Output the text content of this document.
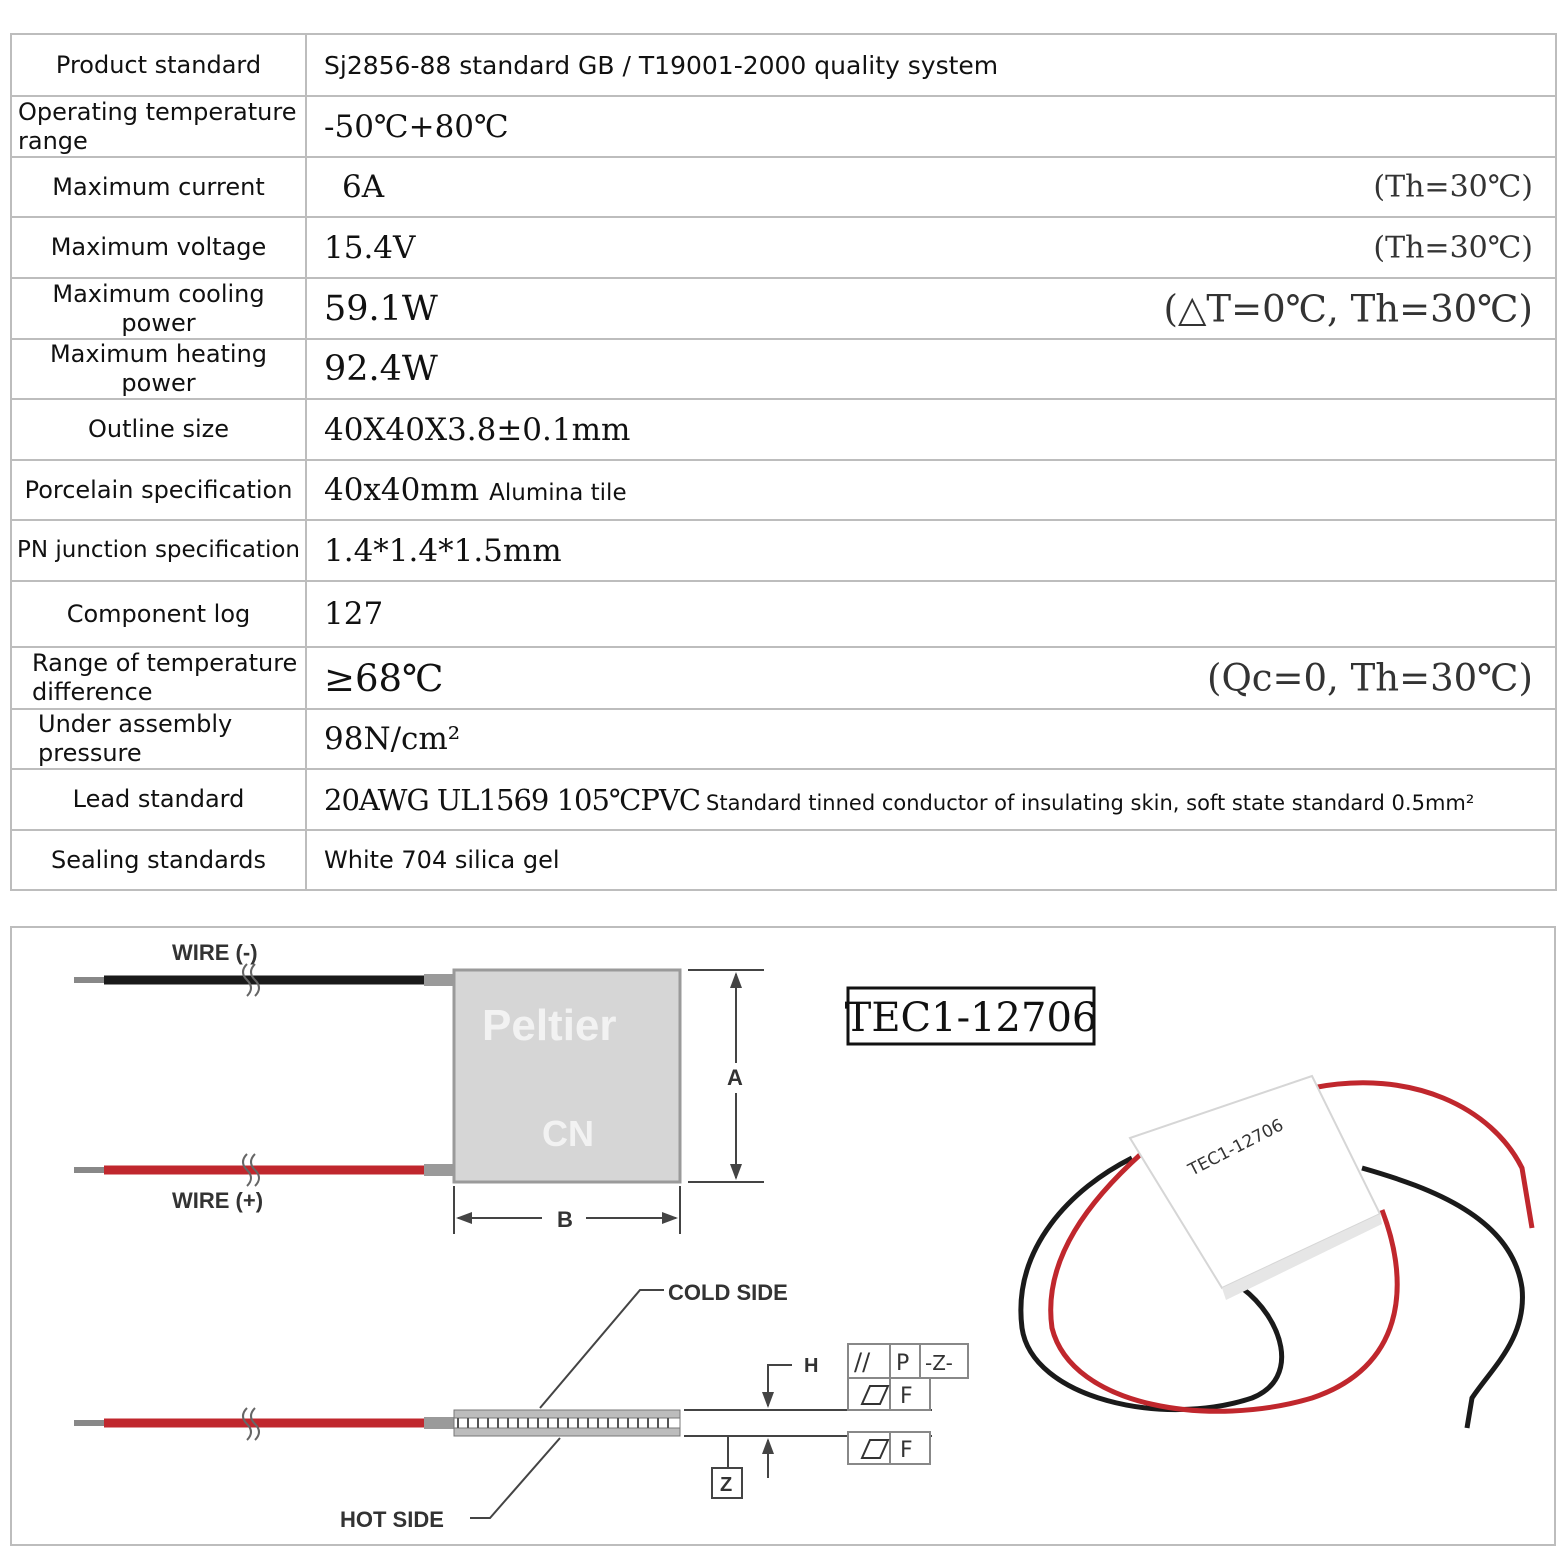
Product standard	Sj2856-88 standard GB / T19001-2000 quality system
Operating temperature range	-50℃+80℃
Maximum current	6A (Th=30℃)

Maximum voltage	15.4V (Th=30℃)

Maximum cooling power	59.1W (△T=0℃, Th=30℃)

Maximum heating power	92.4W
Outline size	40X40X3.8±0.1mm
Porcelain specification	40x40mm Alumina tile
PN junction specification	1.4*1.4*1.5mm
Component log	127
Range of temperature difference	≥68℃ (Qc=0, Th=30℃)

Under assembly pressure	98N/cm²
Lead standard	20AWG UL1569 105℃PVC Standard tinned conductor of insulating skin, soft state standard 0.5mm²
Sealing standards	White 704 silica gel
WIRE (-)
WIRE (+)
Peltier
CN
A
B
TEC1-12706
COLD SIDE
HOT SIDE
H
Z
// P -Z-
F
F
TEC1-12706
